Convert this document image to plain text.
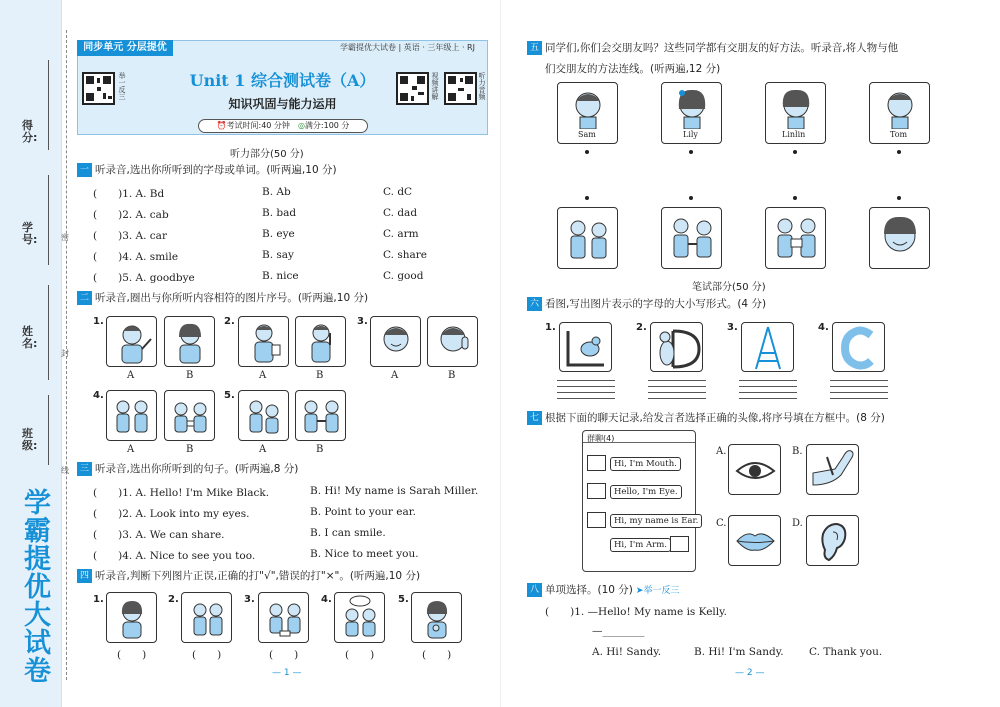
学霸提优大试卷
得分:
学号:
姓名:
班级:
密
封
线
同步单元 分层提优	学霸提优大试卷 | 英语 · 三年级上 · RJ
举一反三	视频讲解	听力音频
Unit 1 综合测试卷（A）
知识巩固与能力运用
⏰考试时间:40 分钟　 ◎满分:100 分
听力部分(50 分)
一 听录音,选出你所听到的字母或单词。(听两遍,10 分)
(　　)1. A. Bd	B. Ab	C. dC
(　　)2. A. cab	B. bad	C. dad
(　　)3. A. car	B. eye	C. arm
(　　)4. A. smile	B. say	C. share
(　　)5. A. goodbye	B. nice	C. good
二 听录音,圈出与你所听内容相符的图片序号。(听两遍,10 分)
1.
A	B
2.
A	B
3.
A	B
4.
A	B
5.
A	B
三 听录音,选出你所听到的句子。(听两遍,8 分)
(　　)1. A. Hello! I'm Mike Black.	B. Hi! My name is Sarah Miller.
(　　)2. A. Look into my eyes.	B. Point to your ear.
(　　)3. A. We can share.	B. I can smile.
(　　)4. A. Nice to see you too.	B. Nice to meet you.
四 听录音,判断下列图片正误,正确的打"√",错误的打"×"。(听两遍,10 分)
1.
(　　)
2.
(　　)
3.
(　　)
4.
(　　)
5.
(　　)
— 1 —
五 同学们,你们会交朋友吗？这些同学都有交朋友的好方法。听录音,将人物与他
们交朋友的方法连线。(听两遍,12 分)
Sam	Lily	Linlin	Tom
笔试部分(50 分)
六 看图,写出图片表示的字母的大小写形式。(4 分)
1.	2.	3.	4.
七 根据下面的聊天记录,给发言者选择正确的头像,将序号填在方框中。(8 分)
群聊(4)
Hi, I'm Mouth.
Hello, I'm Eye.
Hi, my name is Ear.
Hi, I'm Arm.
A.	B.
C.	D.
八 单项选择。(10 分) ➤举一反三
(　　)1. —Hello! My name is Kelly.
—________
A. Hi! Sandy.	B. Hi! I'm Sandy. C. Thank you.
— 2 —
